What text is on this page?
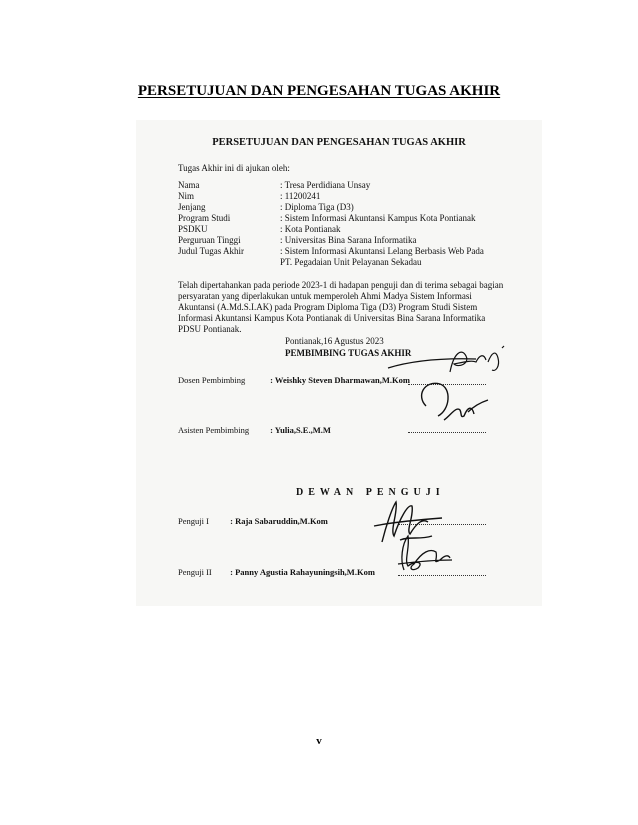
PERSETUJUAN DAN PENGESAHAN TUGAS AKHIR
PERSETUJUAN DAN PENGESAHAN TUGAS AKHIR
Tugas Akhir ini di ajukan oleh:
Nama	: Tresa Perdidiana Unsay
Nim	: 11200241
Jenjang	: Diploma Tiga (D3)
Program Studi	: Sistem Informasi Akuntansi Kampus Kota Pontianak
PSDKU	: Kota Pontianak
Perguruan Tinggi	: Universitas Bina Sarana Informatika
Judul Tugas Akhir	: Sistem Informasi Akuntansi Lelang Berbasis Web Pada
PT. Pegadaian Unit Pelayanan Sekadau
Telah dipertahankan pada periode 2023-1 di hadapan penguji dan di terima sebagai bagian persyaratan yang diperlakukan untuk memperoleh Ahmi Madya Sistem Informasi Akuntansi (A.Md.S.I.AK) pada Program Diploma Tiga (D3) Program Studi Sistem Informasi Akuntansi Kampus Kota Pontianak di Universitas Bina Sarana Informatika PDSU Pontianak.
Pontianak,16 Agustus 2023
PEMBIMBING TUGAS AKHIR
Dosen Pembimbing	: Weishky Steven Dharmawan,M.Kom
Asisten Pembimbing : Yulia,S.E.,M.M
DEWAN PENGUJI
Penguji I : Raja Sabaruddin,M.Kom
Penguji II : Panny Agustia Rahayuningsih,M.Kom
v
